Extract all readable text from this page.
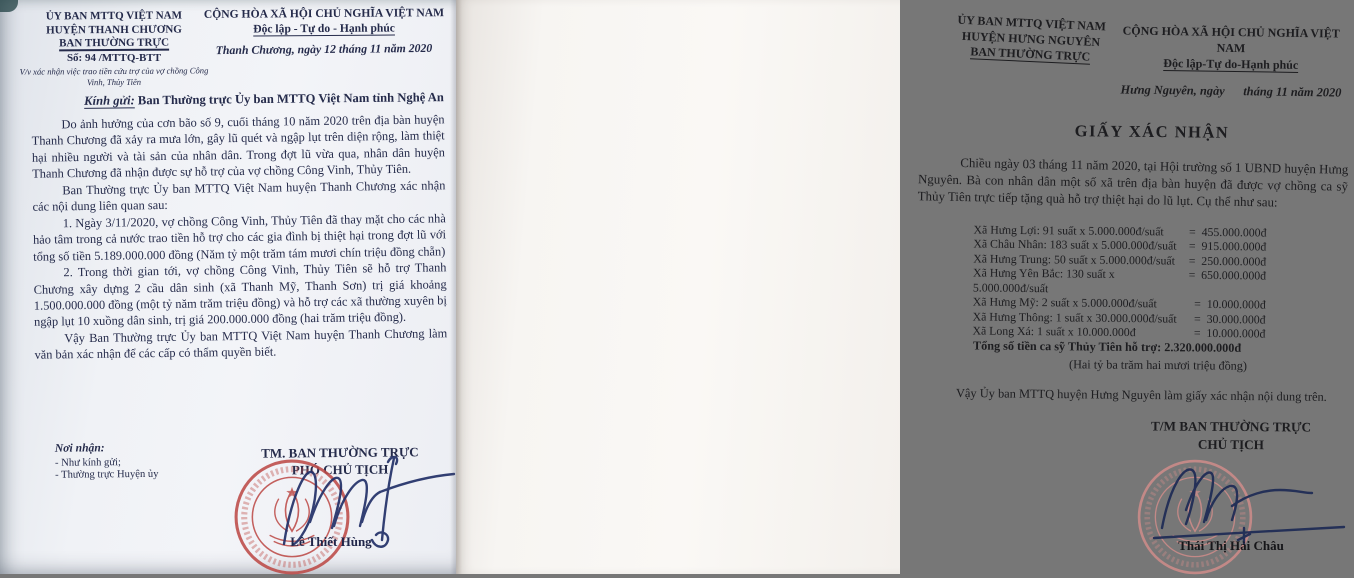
ỦY BAN MTTQ VIỆT NAM
HUYỆN THANH CHƯƠNG
BAN THƯỜNG TRỰC
Số: 94 /MTTQ-BTT
V/v xác nhận việc trao tiền cứu trợ của vợ chồng Công Vinh, Thủy Tiên
CỘNG HÒA XÃ HỘI CHỦ NGHĨA VIỆT NAM
Độc lập - Tự do - Hạnh phúc
Thanh Chương, ngày 12 tháng 11 năm 2020
Kính gửi: Ban Thường trực Ủy ban MTTQ Việt Nam tỉnh Nghệ An

Do ảnh hưởng của cơn bão số 9, cuối tháng 10 năm 2020 trên địa bàn huyện Thanh Chương đã xảy ra mưa lớn, gây lũ quét và ngập lụt trên diện rộng, làm thiệt hại nhiều người và tài sản của nhân dân. Trong đợt lũ vừa qua, nhân dân huyện Thanh Chương đã nhận được sự hỗ trợ của vợ chồng Công Vinh, Thủy Tiên.

Ban Thường trực Ủy ban MTTQ Việt Nam huyện Thanh Chương xác nhận các nội dung liên quan sau:

1. Ngày 3/11/2020, vợ chồng Công Vinh, Thủy Tiên đã thay mặt cho các nhà hảo tâm trong cả nước trao tiền hỗ trợ cho các gia đình bị thiệt hại trong đợt lũ với tổng số tiền 5.189.000.000 đồng (Năm tỷ một trăm tám mươi chín triệu đồng chẵn)

2. Trong thời gian tới, vợ chồng Công Vinh, Thủy Tiên sẽ hỗ trợ Thanh Chương xây dựng 2 cầu dân sinh (xã Thanh Mỹ, Thanh Sơn) trị giá khoảng 1.500.000.000 đồng (một tỷ năm trăm triệu đồng) và hỗ trợ các xã thường xuyên bị ngập lụt 10 xuồng dân sinh, trị giá 200.000.000 đồng (hai trăm triệu đồng).

Vậy Ban Thường trực Ủy ban MTTQ Việt Nam huyện Thanh Chương làm văn bản xác nhận để các cấp có thẩm quyền biết.

Nơi nhận:
- Như kính gửi;
- Thường trực Huyện ủy
TM. BAN THƯỜNG TRỰC
PHÓ CHỦ TỊCH
Lê Thiết Hùng
ỦY BAN MTTQ VIỆT NAM
HUYỆN HƯNG NGUYÊN
BAN THƯỜNG TRỰC
CỘNG HÒA XÃ HỘI CHỦ NGHĨA VIỆT NAM
Độc lập-Tự do-Hạnh phúc
Hưng Nguyên, ngày      tháng 11 năm 2020
GIẤY XÁC NHẬN

Chiều ngày 03 tháng 11 năm 2020, tại Hội trường số 1 UBND huyện Hưng Nguyên. Bà con nhân dân một số xã trên địa bàn huyện đã được vợ chồng ca sỹ Thủy Tiên trực tiếp tặng quà hỗ trợ thiệt hại do lũ lụt. Cụ thể như sau:

Xã Hưng Lợi: 91 suất x 5.000.000đ/suất =  455.000.000đ
Xã Châu Nhân: 183 suất x 5.000.000đ/suất =  915.000.000đ
Xã Hưng Trung: 50 suất x 5.000.000đ/suất =  250.000.000đ
Xã Hưng Yên Bắc: 130 suất x 5.000.000đ/suất
=  650.000.000đ
Xã Hưng Mỹ: 2 suất x 5.000.000đ/suất	=  10.000.000đ
Xã Hưng Thông: 1 suất x 30.000.000đ/suất =  30.000.000đ
Xã Long Xá: 1 suất x 10.000.000đ	=  10.000.000đ
Tổng số tiền ca sỹ Thủy Tiên hỗ trợ: 2.320.000.000đ
(Hai tỷ ba trăm hai mươi triệu đồng)
Vậy Ủy ban MTTQ huyện Hưng Nguyên làm giấy xác nhận nội dung trên.
T/M BAN THƯỜNG TRỰC
CHỦ TỊCH
Thái Thị Hải Châu
